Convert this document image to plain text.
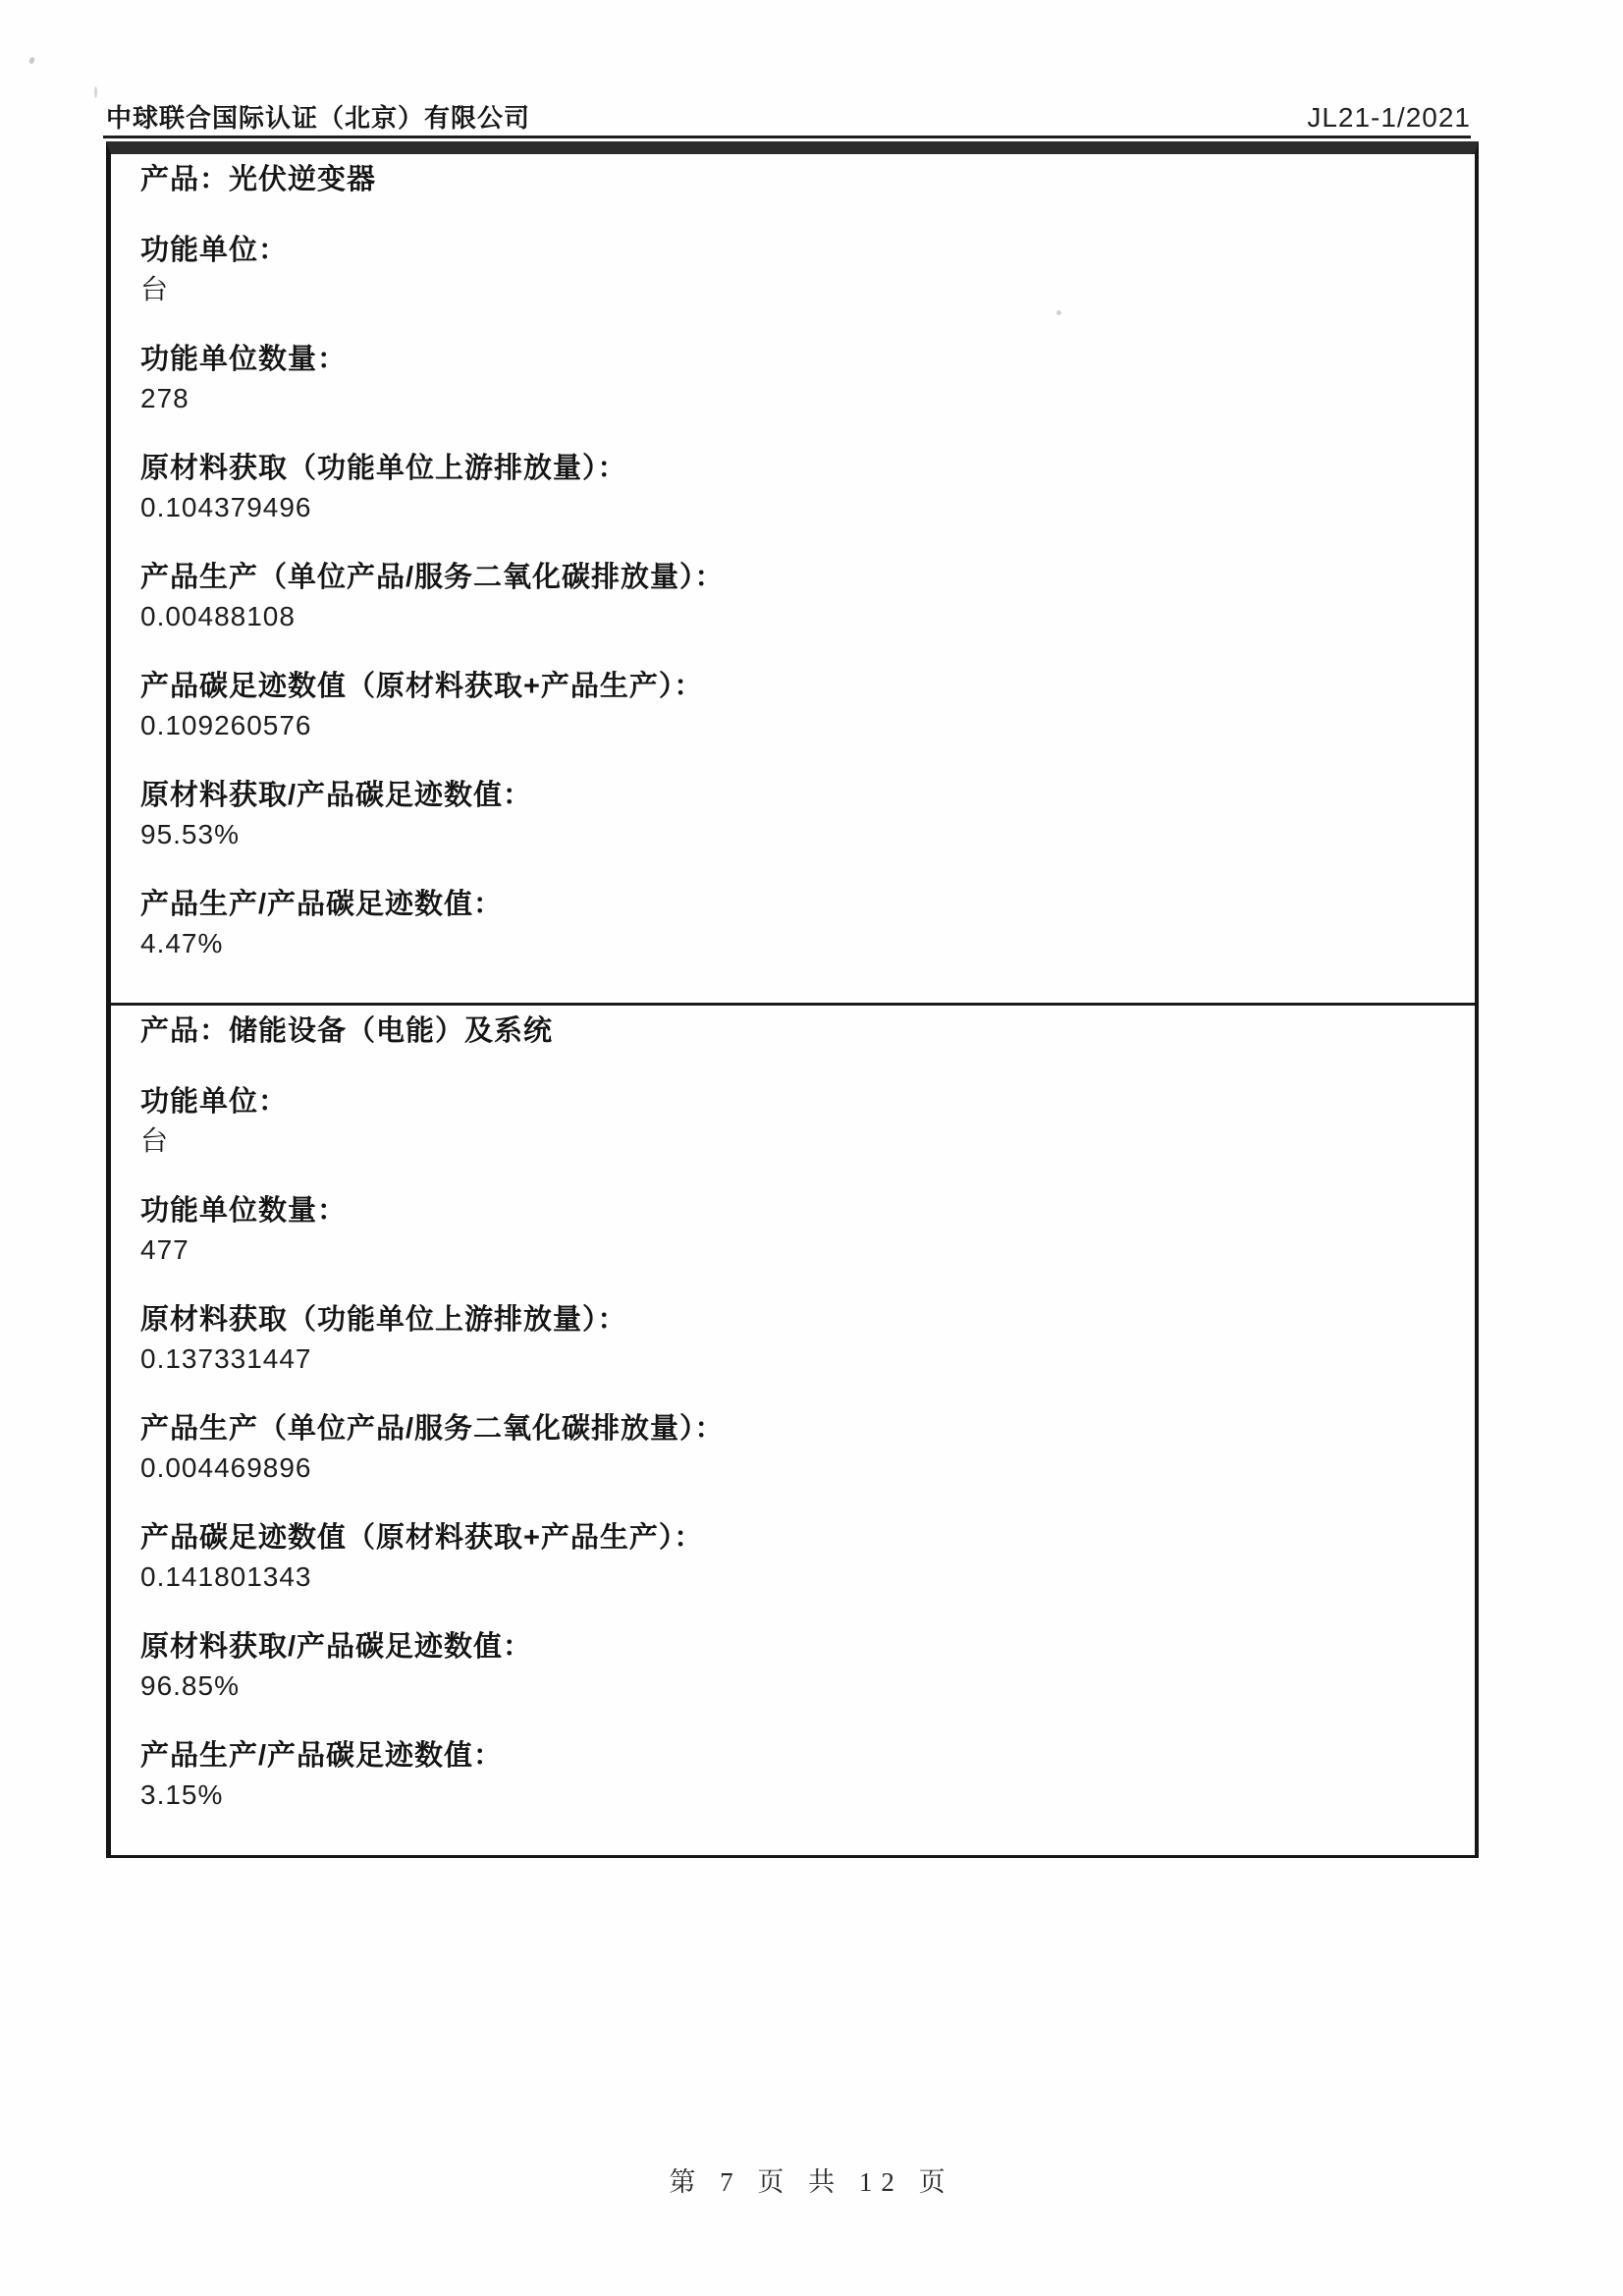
中球联合国际认证（北京）有限公司	JL21-1/2021
产品：光伏逆变器
功能单位：
台
功能单位数量：
278
原材料获取（功能单位上游排放量）：
0.104379496
产品生产（单位产品/服务二氧化碳排放量）：
0.00488108
产品碳足迹数值（原材料获取+产品生产）：
0.109260576
原材料获取/产品碳足迹数值：
95.53%
产品生产/产品碳足迹数值：
4.47%
产品：储能设备（电能）及系统
功能单位：
台
功能单位数量：
477
原材料获取（功能单位上游排放量）：
0.137331447
产品生产（单位产品/服务二氧化碳排放量）：
0.004469896
产品碳足迹数值（原材料获取+产品生产）：
0.141801343
原材料获取/产品碳足迹数值：
96.85%
产品生产/产品碳足迹数值：
3.15%
第 7 页 共 12 页
